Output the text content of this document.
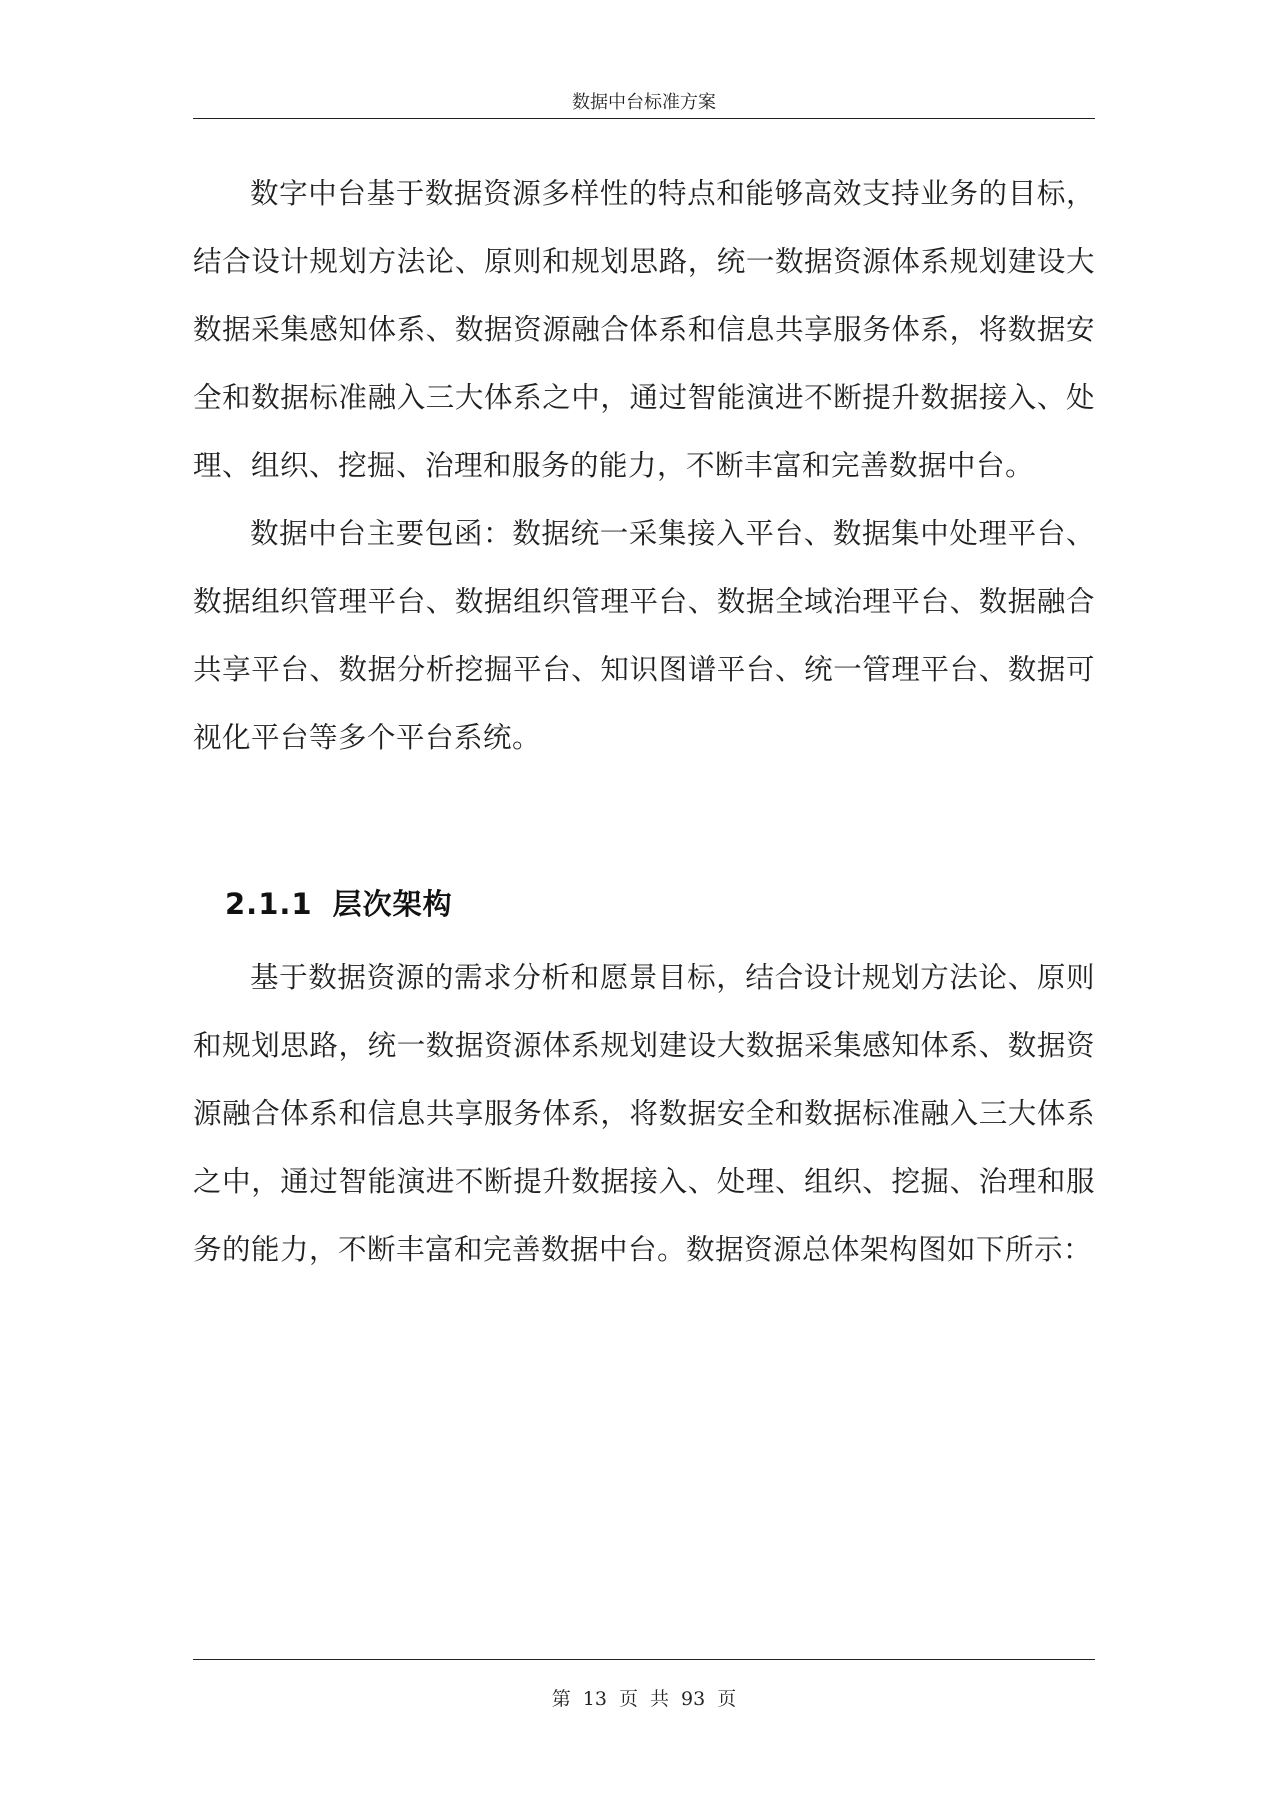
数据中台标准方案

数字中台基于数据资源多样性的特点和能够高效支持业务的目标，结合设计规划方法论、原则和规划思路，统一数据资源体系规划建设大数据采集感知体系、数据资源融合体系和信息共享服务体系，将数据安全和数据标准融入三大体系之中，通过智能演进不断提升数据接入、处理、组织、挖掘、治理和服务的能力，不断丰富和完善数据中台。

数据中台主要包函：数据统一采集接入平台、数据集中处理平台、数据组织管理平台、数据组织管理平台、数据全域治理平台、数据融合共享平台、数据分析挖掘平台、知识图谱平台、统一管理平台、数据可视化平台等多个平台系统。

2.1.1 层次架构

基于数据资源的需求分析和愿景目标，结合设计规划方法论、原则和规划思路，统一数据资源体系规划建设大数据采集感知体系、数据资源融合体系和信息共享服务体系，将数据安全和数据标准融入三大体系之中，通过智能演进不断提升数据接入、处理、组织、挖掘、治理和服务的能力，不断丰富和完善数据中台。数据资源总体架构图如下所示：

第 13 页 共 93 页
